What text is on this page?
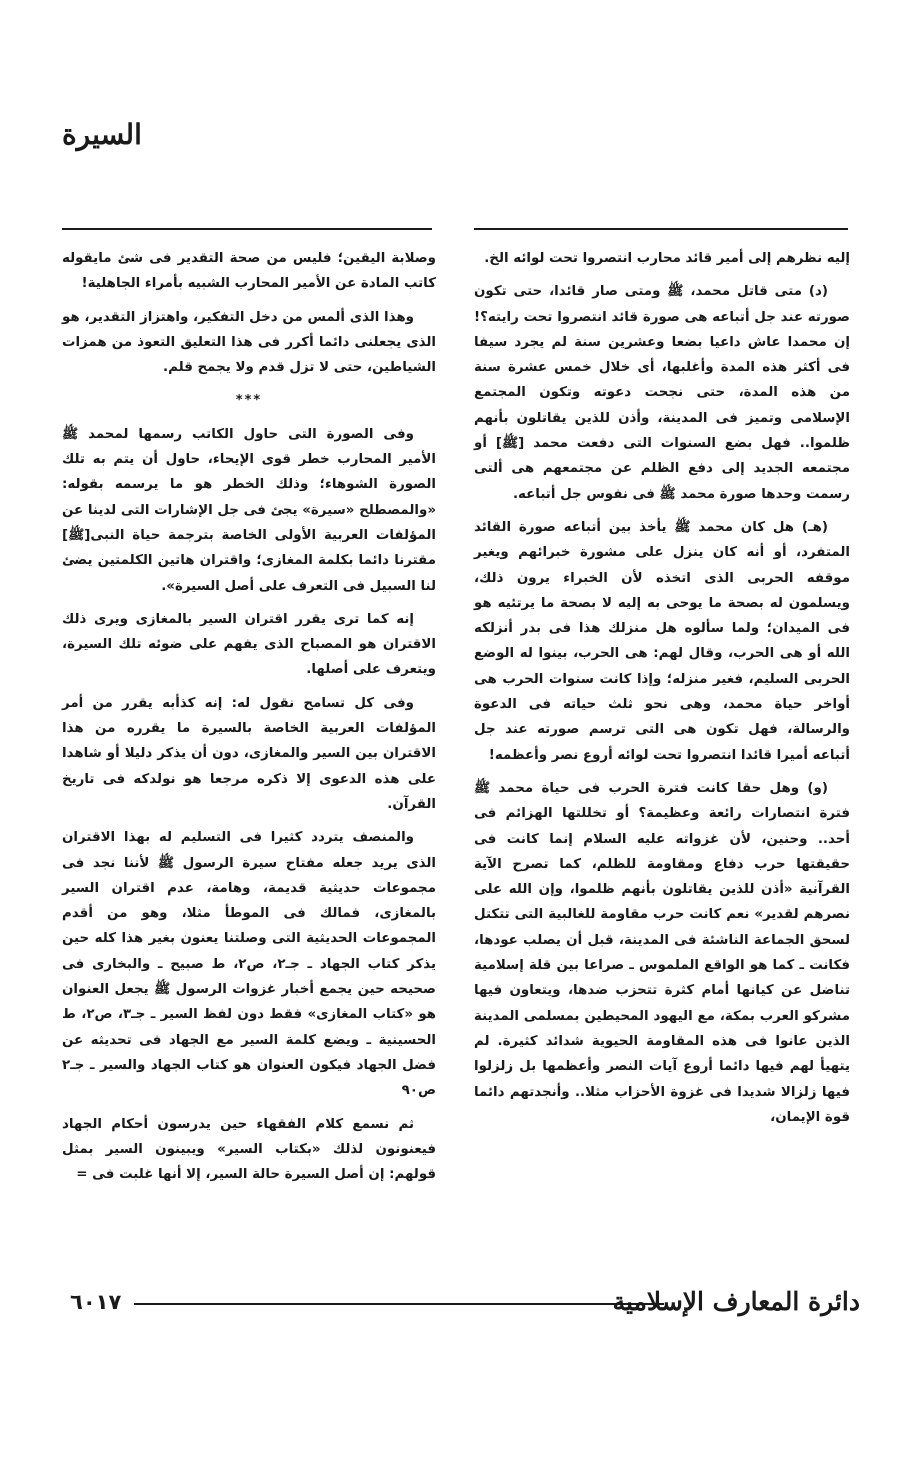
السيرة

إليه نظرهم إلى أمير قائد محارب انتصروا تحت لوائه الخ.

(د) متى قاتل محمد، ﷺ ومتى صار قائدا، حتى تكون صورته عند جل أتباعه هى صورة قائد انتصروا تحت رايته؟! إن محمدا عاش داعيا بضعا وعشرين سنة لم يجرد سيفا فى أكثر هذه المدة وأغلبها، أى خلال خمس عشرة سنة من هذه المدة، حتى نجحت دعوته وتكون المجتمع الإسلامى وتميز فى المدينة، وأذن للذين يقاتلون بأنهم ظلموا.. فهل بضع السنوات التى دفعت محمد [ﷺ] أو مجتمعه الجديد إلى دفع الظلم عن مجتمعهم هى ألتى رسمت وحدها صورة محمد ﷺ فى نفوس جل أتباعه.

(هـ) هل كان محمد ﷺ يأخذ بين أتباعه صورة القائد المتفرد، أو أنه كان ينزل على مشورة خبرائهم ويغير موقفه الحربى الذى اتخذه لأن الخبراء يرون ذلك، ويسلمون له بصحة ما يوحى به إليه لا بصحة ما يرتئيه هو فى الميدان؛ ولما سألوه هل منزلك هذا فى بدر أنزلكه الله أو هى الحرب، وقال لهم: هى الحرب، بينوا له الوضع الحربى السليم، فغير منزله؛ وإذا كانت سنوات الحرب هى أواخر حياة محمد، وهى نحو ثلث حياته فى الدعوة والرسالة، فهل تكون هى التى ترسم صورته عند جل أتباعه أميرا قائدا انتصروا تحت لوائه أروع نصر وأعظمه!

(و) وهل حقا كانت فترة الحرب فى حياة محمد ﷺ فترة انتصارات رائعة وعظيمة؟ أو تخللتها الهزائم فى أحد.. وحنين، لأن غزواته عليه السلام إنما كانت فى حقيقتها حرب دفاع ومقاومة للظلم، كما تصرح الآية القرآنية «أذن للذين يقاتلون بأنهم ظلموا، وإن الله على نصرهم لقدير» نعم كانت حرب مقاومة للغالبية التى تتكتل لسحق الجماعة الناشئة فى المدينة، قبل أن يصلب عودها، فكانت ـ كما هو الواقع الملموس ـ صراعا بين قلة إسلامية تناضل عن كيانها أمام كثرة تتحزب ضدها، ويتعاون فيها مشركو العرب بمكة، مع اليهود المحيطين بمسلمى المدينة الذين عانوا فى هذه المقاومة الحيوية شدائد كثيرة. لم يتهيأ لهم فيها دائما أروع آيات النصر وأعظمها بل زلزلوا فيها زلزالا شديدا فى غزوة الأحزاب مثلا.. وأنجدتهم دائما قوة الإيمان،

وصلابة اليقين؛ فليس من صحة التقدير فى شئ مايقوله كاتب المادة عن الأمير المحارب الشبيه بأمراء الجاهلية!

وهذا الذى ألمس من دخل التفكير، واهتزاز التقدير، هو الذى يجعلنى دائما أكرر فى هذا التعليق التعوذ من همزات الشياطين، حتى لا تزل قدم ولا يجمح قلم.

***

وفى الصورة التى حاول الكاتب رسمها لمحمد ﷺ الأمير المحارب خطر قوى الإيحاء، حاول أن يتم به تلك الصورة الشوهاء؛ وذلك الخطر هو ما يرسمه بقوله: «والمصطلح «سيرة» يجئ فى جل الإشارات التى لدينا عن المؤلفات العربية الأولى الخاصة بترجمة حياة النبى[ﷺ] مقترنا دائما بكلمة المغازى؛ واقتران هاتين الكلمتين يضئ لنا السبيل فى التعرف على أصل السيرة».

إنه كما ترى يقرر اقتران السير بالمغازى ويرى ذلك الاقتران هو المصباح الذى يفهم على ضوئه تلك السيرة، ويتعرف على أصلها.

وفى كل تسامح نقول له: إنه كذأبه يقرر من أمر المؤلفات العربية الخاصة بالسيرة ما يقرره من هذا الاقتران بين السير والمغازى، دون أن يذكر دليلا أو شاهدا على هذه الدعوى إلا ذكره مرجعا هو نولدكه فى تاريخ القرآن.

والمنصف يتردد كثيرا فى التسليم له بهذا الاقتران الذى يريد جعله مفتاح سيرة الرسول ﷺ لأننا نجد فى مجموعات حديثية قديمة، وهامة، عدم اقتران السير بالمغازى، فمالك فى الموطأ مثلا، وهو من أقدم المجموعات الحديثية التى وصلتنا يعنون بغير هذا كله حين يذكر كتاب الجهاد ـ جـ٢، ص٢، ط صبيح ـ والبخارى فى صحيحه حين يجمع أخبار غزوات الرسول ﷺ يجعل العنوان هو «كتاب المغازى» فقط دون لفظ السير ـ جـ٣، ص٢، ط الحسينية ـ ويضع كلمة السير مع الجهاد فى تحديثه عن فضل الجهاد فيكون العنوان هو كتاب الجهاد والسير ـ جـ٢ ص٩٠

ثم نسمع كلام الفقهاء حين يدرسون أحكام الجهاد فيعنونون لذلك «بكتاب السير» ويبينون السير بمثل قولهم: إن أصل السيرة حالة السير، إلا أنها غلبت فى =

دائرة المعارف الإسلامية
٦٠١٧
